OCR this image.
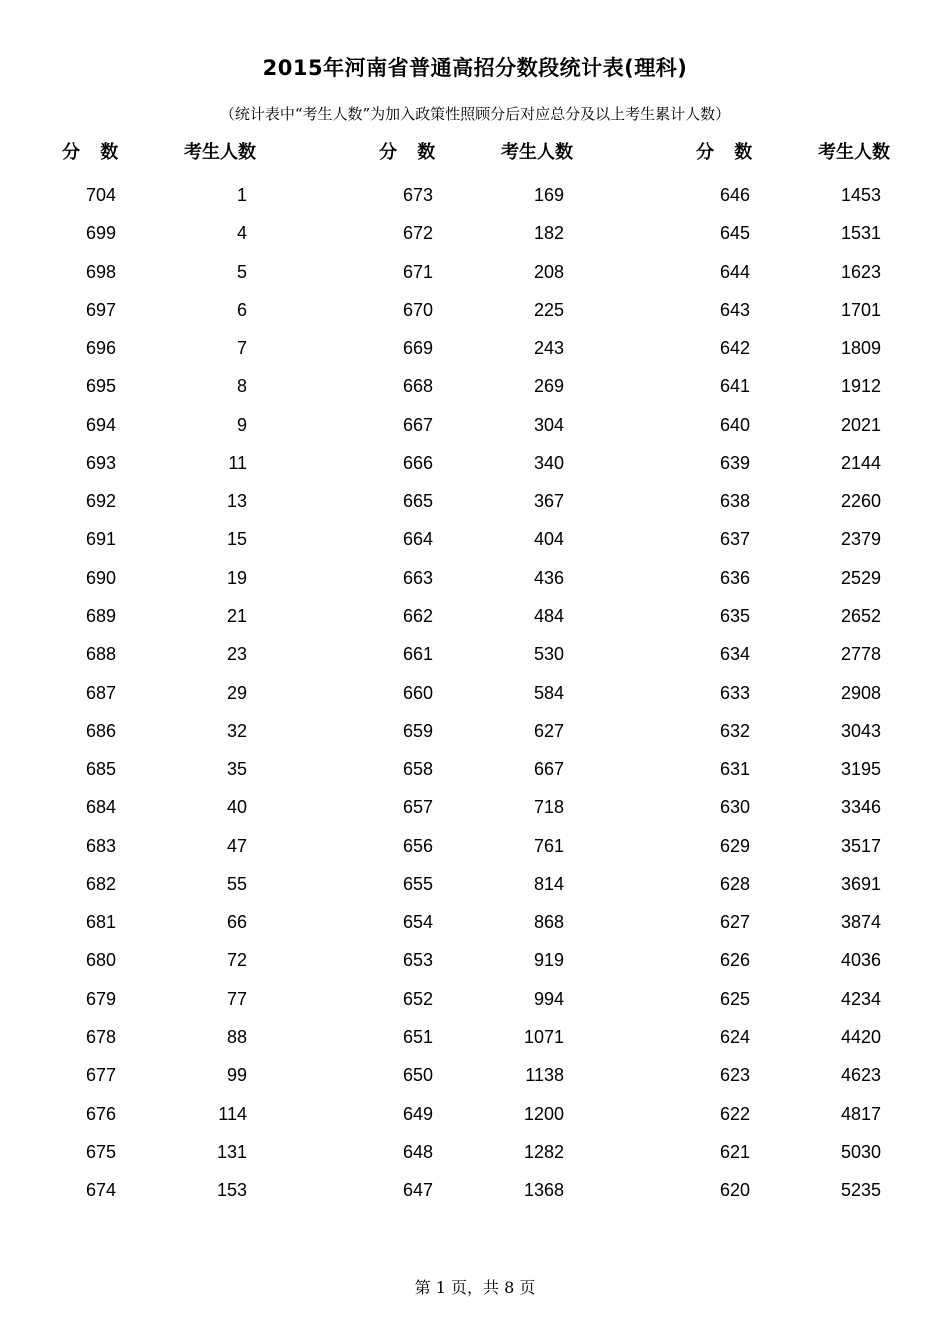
2015年河南省普通高招分数段统计表(理科)
（统计表中“考生人数”为加入政策性照顾分后对应总分及以上考生累计人数）
分 数	考生人数
704	1
699	4
698	5
697	6
696	7
695	8
694	9
693	11
692	13
691	15
690	19
689	21
688	23
687	29
686	32
685	35
684	40
683	47
682	55
681	66
680	72
679	77
678	88
677	99
676	114
675	131
674	153
分 数	考生人数
673	169
672	182
671	208
670	225
669	243
668	269
667	304
666	340
665	367
664	404
663	436
662	484
661	530
660	584
659	627
658	667
657	718
656	761
655	814
654	868
653	919
652	994
651	1071
650	1138
649	1200
648	1282
647	1368
分 数	考生人数
646	1453
645	1531
644	1623
643	1701
642	1809
641	1912
640	2021
639	2144
638	2260
637	2379
636	2529
635	2652
634	2778
633	2908
632	3043
631	3195
630	3346
629	3517
628	3691
627	3874
626	4036
625	4234
624	4420
623	4623
622	4817
621	5030
620	5235
第 1 页，共 8 页
